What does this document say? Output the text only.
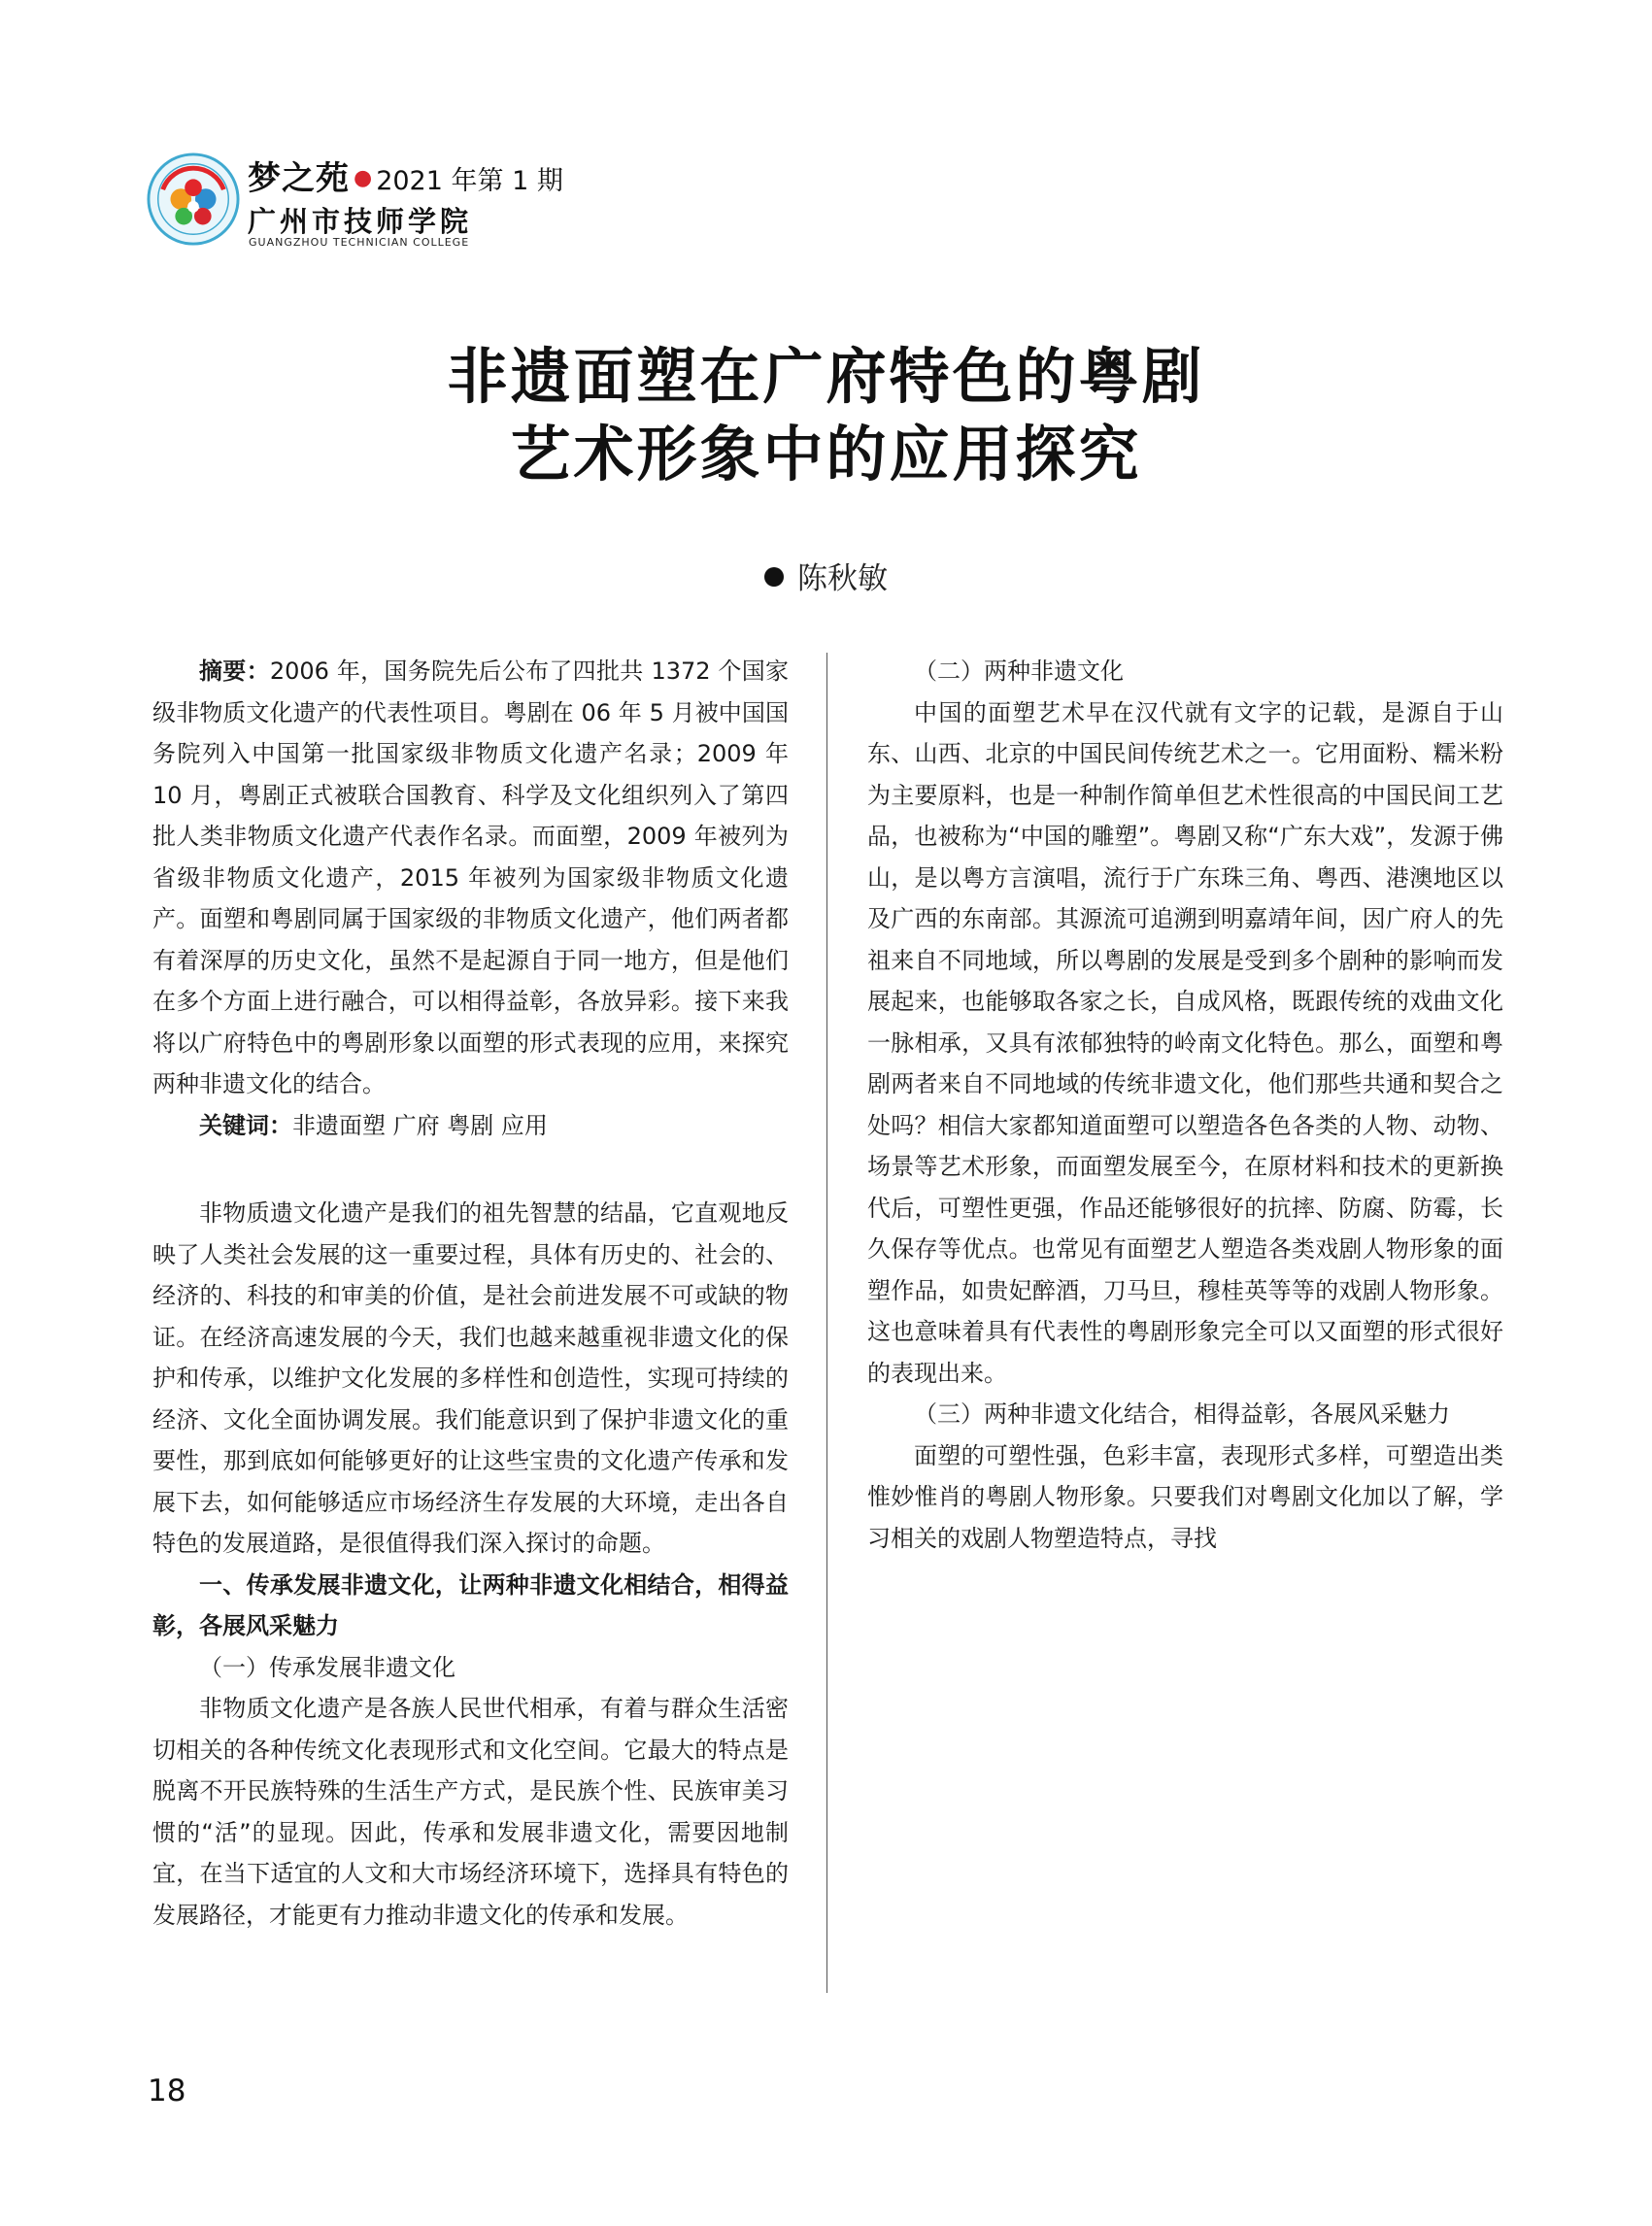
梦之苑 ● 2021 年第 1 期
广州市技师学院
GUANGZHOU TECHNICIAN COLLEGE
非遗面塑在广府特色的粤剧
艺术形象中的应用探究
陈秋敏

摘要：2006 年，国务院先后公布了四批共 1372 个国家级非物质文化遗产的代表性项目。粤剧在 06 年 5 月被中国国务院列入中国第一批国家级非物质文化遗产名录；2009 年 10 月，粤剧正式被联合国教育、科学及文化组织列入了第四批人类非物质文化遗产代表作名录。而面塑，2009 年被列为省级非物质文化遗产，2015 年被列为国家级非物质文化遗产。面塑和粤剧同属于国家级的非物质文化遗产，他们两者都有着深厚的历史文化，虽然不是起源自于同一地方，但是他们在多个方面上进行融合，可以相得益彰，各放异彩。接下来我将以广府特色中的粤剧形象以面塑的形式表现的应用，来探究两种非遗文化的结合。

关键词：非遗面塑 广府 粤剧 应用

非物质遗文化遗产是我们的祖先智慧的结晶，它直观地反映了人类社会发展的这一重要过程，具体有历史的、社会的、经济的、科技的和审美的价值，是社会前进发展不可或缺的物证。在经济高速发展的今天，我们也越来越重视非遗文化的保护和传承，以维护文化发展的多样性和创造性，实现可持续的经济、文化全面协调发展。我们能意识到了保护非遗文化的重要性，那到底如何能够更好的让这些宝贵的文化遗产传承和发展下去，如何能够适应市场经济生存发展的大环境，走出各自特色的发展道路，是很值得我们深入探讨的命题。

一、传承发展非遗文化，让两种非遗文化相结合，相得益彰，各展风采魅力

（一）传承发展非遗文化

非物质文化遗产是各族人民世代相承，有着与群众生活密切相关的各种传统文化表现形式和文化空间。它最大的特点是脱离不开民族特殊的生活生产方式，是民族个性、民族审美习惯的“活”的显现。因此，传承和发展非遗文化，需要因地制宜，在当下适宜的人文和大市场经济环境下，选择具有特色的发展路径，才能更有力推动非遗文化的传承和发展。

（二）两种非遗文化

中国的面塑艺术早在汉代就有文字的记载，是源自于山东、山西、北京的中国民间传统艺术之一。它用面粉、糯米粉为主要原料，也是一种制作简单但艺术性很高的中国民间工艺品，也被称为“中国的雕塑”。粤剧又称“广东大戏”，发源于佛山，是以粤方言演唱，流行于广东珠三角、粤西、港澳地区以及广西的东南部。其源流可追溯到明嘉靖年间，因广府人的先祖来自不同地域，所以粤剧的发展是受到多个剧种的影响而发展起来，也能够取各家之长，自成风格，既跟传统的戏曲文化一脉相承，又具有浓郁独特的岭南文化特色。那么，面塑和粤剧两者来自不同地域的传统非遗文化，他们那些共通和契合之处吗？相信大家都知道面塑可以塑造各色各类的人物、动物、场景等艺术形象，而面塑发展至今，在原材料和技术的更新换代后，可塑性更强，作品还能够很好的抗摔、防腐、防霉，长久保存等优点。也常见有面塑艺人塑造各类戏剧人物形象的面塑作品，如贵妃醉酒，刀马旦，穆桂英等等的戏剧人物形象。这也意味着具有代表性的粤剧形象完全可以又面塑的形式很好的表现出来。

（三）两种非遗文化结合，相得益彰，各展风采魅力

面塑的可塑性强，色彩丰富，表现形式多样，可塑造出类惟妙惟肖的粤剧人物形象。只要我们对粤剧文化加以了解，学习相关的戏剧人物塑造特点，寻找

18
